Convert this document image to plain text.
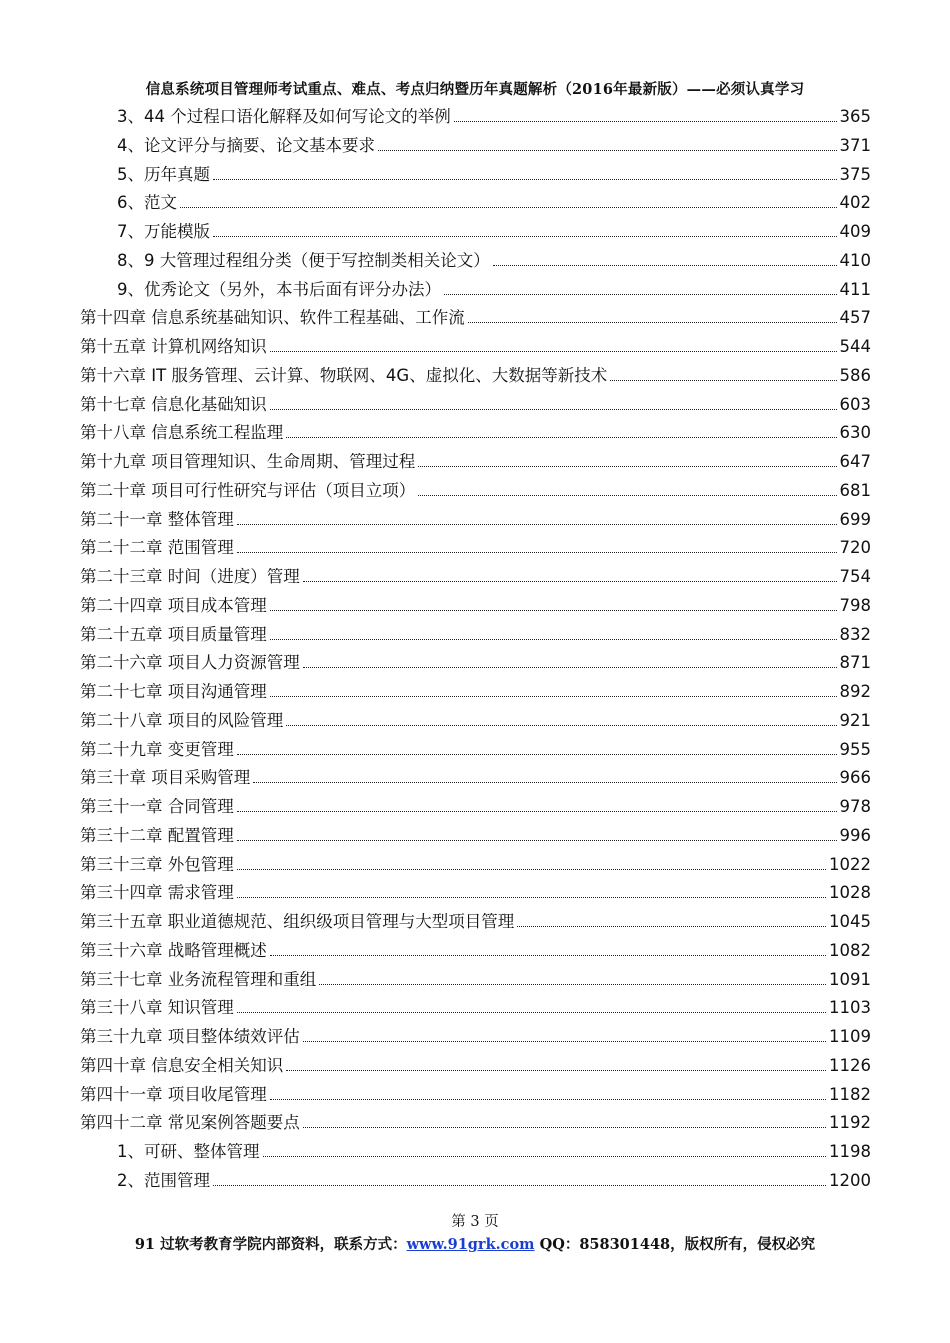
信息系统项目管理师考试重点、难点、考点归纳暨历年真题解析（2016年最新版）——必须认真学习
3、44 个过程口语化解释及如何写论文的举例	365
4、论文评分与摘要、论文基本要求	371
5、历年真题	375
6、范文	402
7、万能模版	409
8、9 大管理过程组分类（便于写控制类相关论文）	410
9、优秀论文（另外，本书后面有评分办法）	411
第十四章 信息系统基础知识、软件工程基础、工作流	457
第十五章 计算机网络知识	544
第十六章 IT 服务管理、云计算、物联网、4G、虚拟化、大数据等新技术	586
第十七章 信息化基础知识	603
第十八章 信息系统工程监理	630
第十九章 项目管理知识、生命周期、管理过程	647
第二十章 项目可行性研究与评估（项目立项）	681
第二十一章 整体管理	699
第二十二章 范围管理	720
第二十三章 时间（进度）管理	754
第二十四章 项目成本管理	798
第二十五章 项目质量管理	832
第二十六章 项目人力资源管理	871
第二十七章 项目沟通管理	892
第二十八章 项目的风险管理	921
第二十九章 变更管理	955
第三十章 项目采购管理	966
第三十一章 合同管理	978
第三十二章 配置管理	996
第三十三章 外包管理	1022
第三十四章 需求管理	1028
第三十五章 职业道德规范、组织级项目管理与大型项目管理	1045
第三十六章 战略管理概述	1082
第三十七章 业务流程管理和重组	1091
第三十八章 知识管理	1103
第三十九章 项目整体绩效评估	1109
第四十章 信息安全相关知识	1126
第四十一章 项目收尾管理	1182
第四十二章 常见案例答题要点	1192
1、可研、整体管理	1198
2、范围管理	1200
第 3 页
91 过软考教育学院内部资料，联系方式：www.91grk.com QQ：858301448，版权所有，侵权必究
